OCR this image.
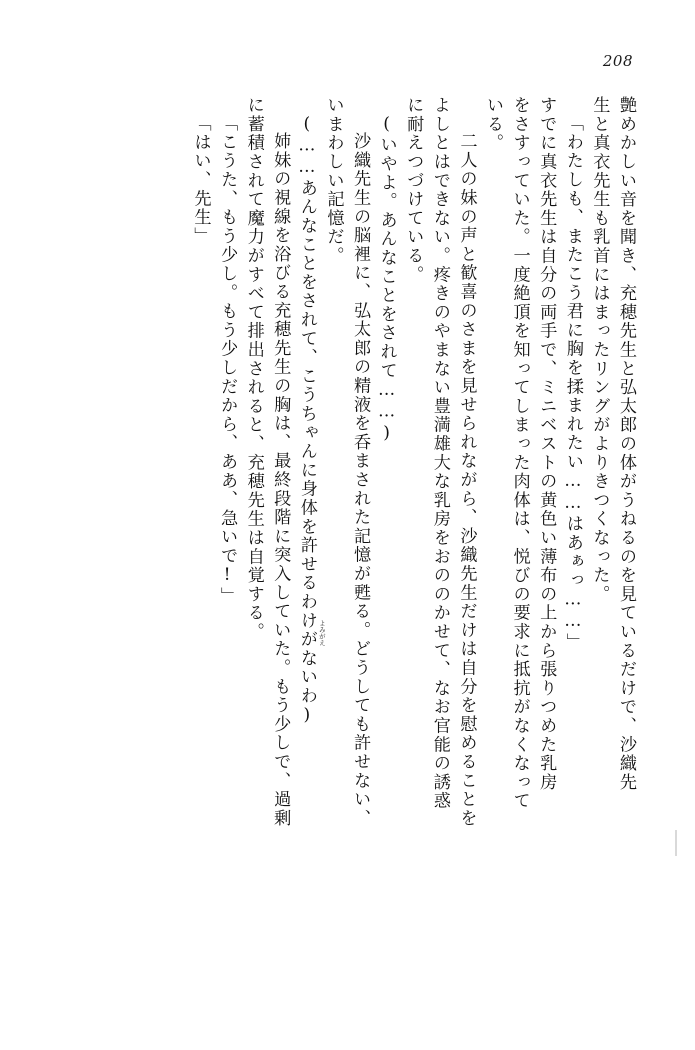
208
艶めかしい音を聞き、充穂先生と弘太郎の体がうねるのを見ているだけで、沙織先
生と真衣先生も乳首にはまったリングがよりきつくなった。
「わたしも、またこう君に胸を揉まれたい……はあぁっ……」
すでに真衣先生は自分の両手で、ミニベストの黄色い薄布の上から張りつめた乳房
をさすっていた。一度絶頂を知ってしまった肉体は、悦びの要求に抵抗がなくなって
いる。
二人の妹の声と歓喜のさまを見せられながら、沙織先生だけは自分を慰めることを
よしとはできない。疼きのやまない豊満雄大な乳房をおののかせて、なお官能の誘惑
に耐えつづけている。
(いやよ。あんなことをされて……)
沙織先生の脳裡に、弘太郎の精液を呑まされた記憶が甦る。どうしても許せない、
いまわしい記憶だ。
(……あんなことをされて、こうちゃんに身体を許せるわけがないわ)
姉妹の視線を浴びる充穂先生の胸は、最終段階に突入していた。もう少しで、過剰
に蓄積されて魔力がすべて排出されると、充穂先生は自覚する。
「こうた、もう少し。もう少しだから、ああ、急いで!」
「はい、先生」
よみがえ
